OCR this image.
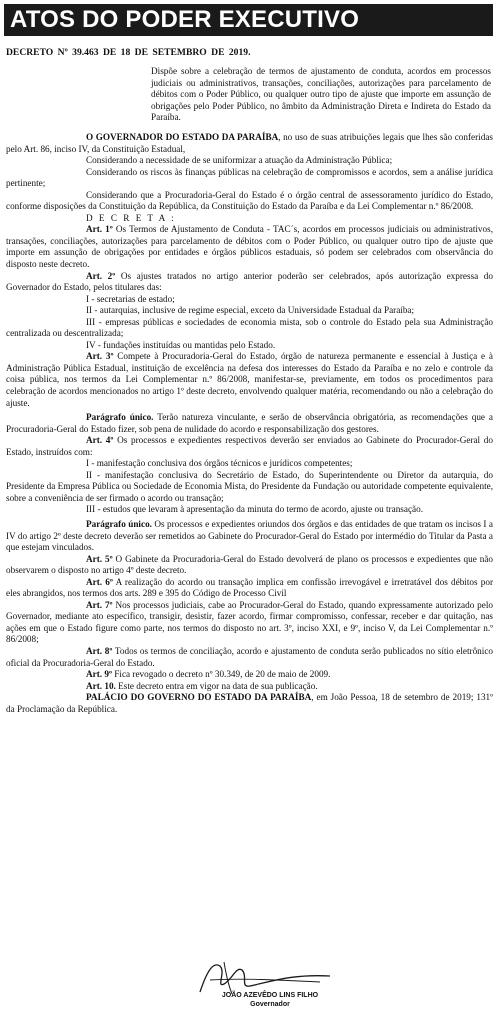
ATOS DO PODER EXECUTIVO
DECRETO Nº 39.463 DE 18 DE SETEMBRO DE 2019.
Dispõe sobre a celebração de termos de ajustamento de conduta, acordos em processos judiciais ou administrativos, transações, conciliações, autorizações para parcelamento de débitos com o Poder Público, ou qualquer outro tipo de ajuste que importe em assunção de obrigações pelo Poder Público, no âmbito da Administração Direta e Indireta do Estado da Paraíba.

O GOVERNADOR DO ESTADO DA PARAÍBA, no uso de suas atribuições legais que lhes são conferidas pelo Art. 86, inciso IV, da Constituição Estadual,

Considerando a necessidade de se uniformizar a atuação da Administração Pública;

Considerando os riscos às finanças públicas na celebração de compromissos e acordos, sem a análise jurídica pertinente;

Considerando que a Procuradoria-Geral do Estado é o órgão central de assessoramento jurídico do Estado, conforme disposições da Constituição da República, da Constituição do Estado da Paraíba e da Lei Complementar n.º 86/2008.

D E C R E T A :

Art. 1º Os Termos de Ajustamento de Conduta - TAC´s, acordos em processos judiciais ou administrativos, transações, conciliações, autorizações para parcelamento de débitos com o Poder Público, ou qualquer outro tipo de ajuste que importe em assunção de obrigações por entidades e órgãos públicos estaduais, só podem ser celebrados com observância do disposto neste decreto.

Art. 2º Os ajustes tratados no artigo anterior poderão ser celebrados, após autorização expressa do Governador do Estado, pelos titulares das:

I - secretarias de estado;

II - autarquias, inclusive de regime especial, exceto da Universidade Estadual da Paraíba;

III - empresas públicas e sociedades de economia mista, sob o controle do Estado pela sua Administração centralizada ou descentralizada;

IV - fundações instituídas ou mantidas pelo Estado.

Art. 3º Compete à Procuradoria-Geral do Estado, órgão de natureza permanente e essencial à Justiça e à Administração Pública Estadual, instituição de excelência na defesa dos interesses do Estado da Paraíba e no zelo e controle da coisa pública, nos termos da Lei Complementar n.º 86/2008, manifestar-se, previamente, em todos os procedimentos para celebração de acordos mencionados no artigo 1º deste decreto, envolvendo qualquer matéria, recomendando ou não a celebração do ajuste.

Parágrafo único. Terão natureza vinculante, e serão de observância obrigatória, as recomendações que a Procuradoria-Geral do Estado fizer, sob pena de nulidade do acordo e responsabilização dos gestores.

Art. 4º Os processos e expedientes respectivos deverão ser enviados ao Gabinete do Procurador-Geral do Estado, instruídos com:

I - manifestação conclusiva dos órgãos técnicos e jurídicos competentes;

II - manifestação conclusiva do Secretário de Estado, do Superintendente ou Diretor da autarquia, do Presidente da Empresa Pública ou Sociedade de Economia Mista, do Presidente da Fundação ou autoridade competente equivalente, sobre a conveniência de ser firmado o acordo ou transação;

III - estudos que levaram à apresentação da minuta do termo de acordo, ajuste ou transação.

Parágrafo único. Os processos e expedientes oriundos dos órgãos e das entidades de que tratam os incisos I a IV do artigo 2º deste decreto deverão ser remetidos ao Gabinete do Procurador-Geral do Estado por intermédio do Titular da Pasta a que estejam vinculados.

Art. 5º O Gabinete da Procuradoria-Geral do Estado devolverá de plano os processos e expedientes que não observarem o disposto no artigo 4º deste decreto.

Art. 6º A realização do acordo ou transação implica em confissão irrevogável e irretratável dos débitos por eles abrangidos, nos termos dos arts. 289 e 395 do Código de Processo Civil

Art. 7º Nos processos judiciais, cabe ao Procurador-Geral do Estado, quando expressamente autorizado pelo Governador, mediante ato específico, transigir, desistir, fazer acordo, firmar compromisso, confessar, receber e dar quitação, nas ações em que o Estado figure como parte, nos termos do disposto no art. 3º, inciso XXI, e 9º, inciso V, da Lei Complementar n.º 86/2008;

Art. 8º Todos os termos de conciliação, acordo e ajustamento de conduta serão publicados no sítio eletrônico oficial da Procuradoria-Geral do Estado.

Art. 9º Fica revogado o decreto nº 30.349, de 20 de maio de 2009.

Art. 10. Este decreto entra em vigor na data de sua publicação.

PALÁCIO DO GOVERNO DO ESTADO DA PARAÍBA, em João Pessoa, 18 de setembro de 2019; 131º da Proclamação da República.

JOÃO AZEVÊDO LINS FILHO
Governador
